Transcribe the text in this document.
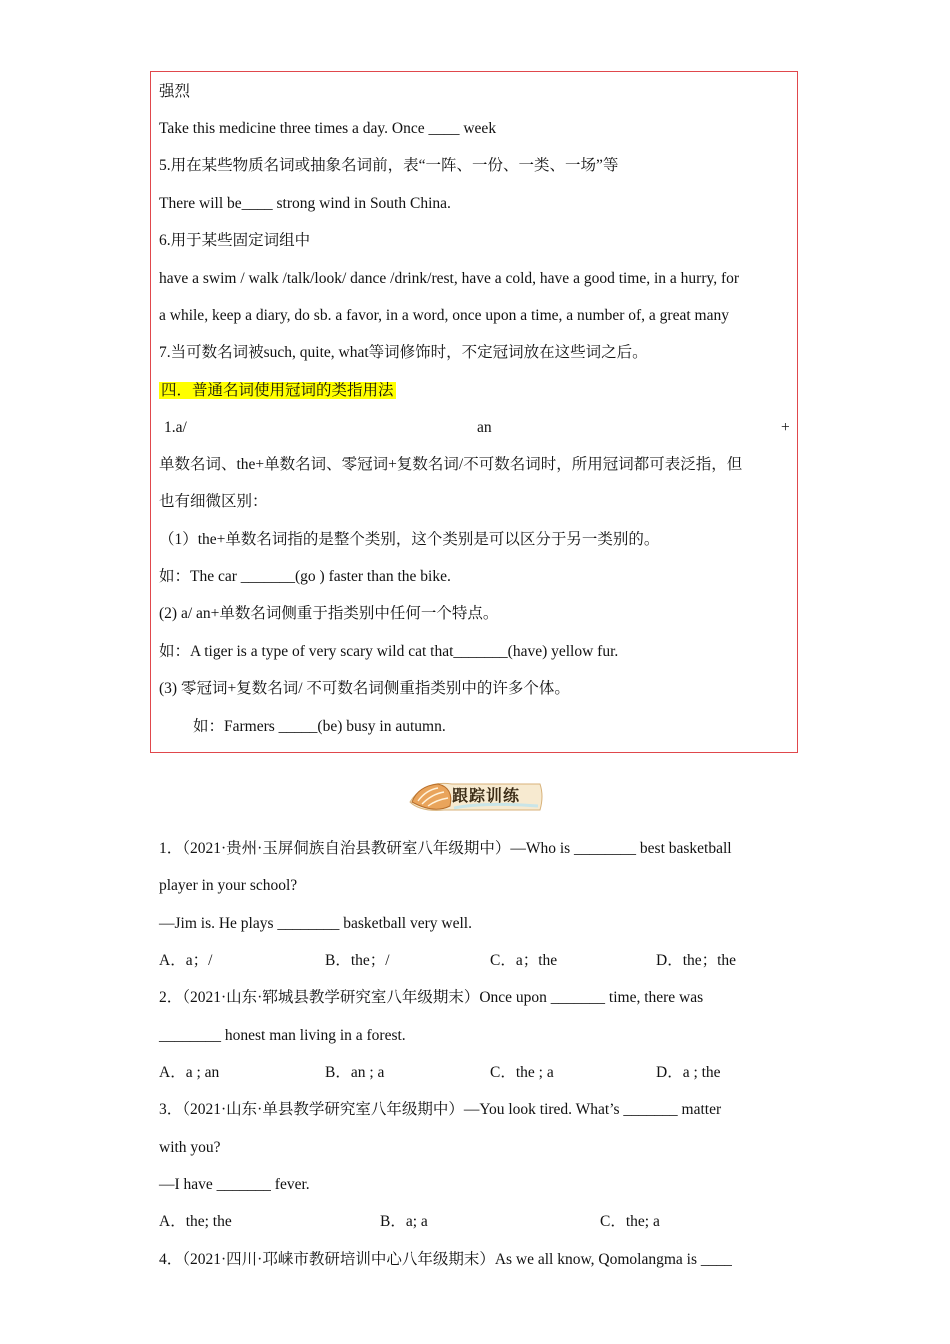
强烈
Take this medicine three times a day. Once ____ week
5.用在某些物质名词或抽象名词前，表“一阵、一份、一类、一场”等
There will be____ strong wind in South China.
6.用于某些固定词组中
have a swim / walk /talk/look/ dance /drink/rest, have a cold, have a good time, in a hurry, for
a while, keep a diary, do sb. a favor, in a word, once upon a time, a number of, a great many
7.当可数名词被such, quite, what等词修饰时，不定冠词放在这些词之后。
四．普通名词使用冠词的类指用法
1.a/	an	+
单数名词、the+单数名词、零冠词+复数名词/不可数名词时，所用冠词都可表泛指，但
也有细微区别：
（1）the+单数名词指的是整个类别，这个类别是可以区分于另一类别的。
如：The car _______(go ) faster than the bike.
(2) a/ an+单数名词侧重于指类别中任何一个特点。
如：A tiger is a type of very scary wild cat that_______(have) yellow fur.
(3) 零冠词+复数名词/ 不可数名词侧重指类别中的许多个体。
如：Farmers _____(be) busy in autumn.
跟踪训练
1．（2021·贵州·玉屏侗族自治县教研室八年级期中）—Who is ________ best basketball
player in your school?
—Jim is. He plays ________ basketball very well.
A．a；/	B．the；/	C．a；the	D．the；the
2．（2021·山东·郓城县教学研究室八年级期末）Once upon _______ time, there was
________ honest man living in a forest.
A．a ; an	B．an ; a	C．the ; a	D．a ; the
3．（2021·山东·单县教学研究室八年级期中）—You look tired. What’s _______ matter
with you?
—I have _______ fever.
A．the; the	B．a; a	C．the; a
4．（2021·四川·邛崃市教研培训中心八年级期末）As we all know, Qomolangma is ____
